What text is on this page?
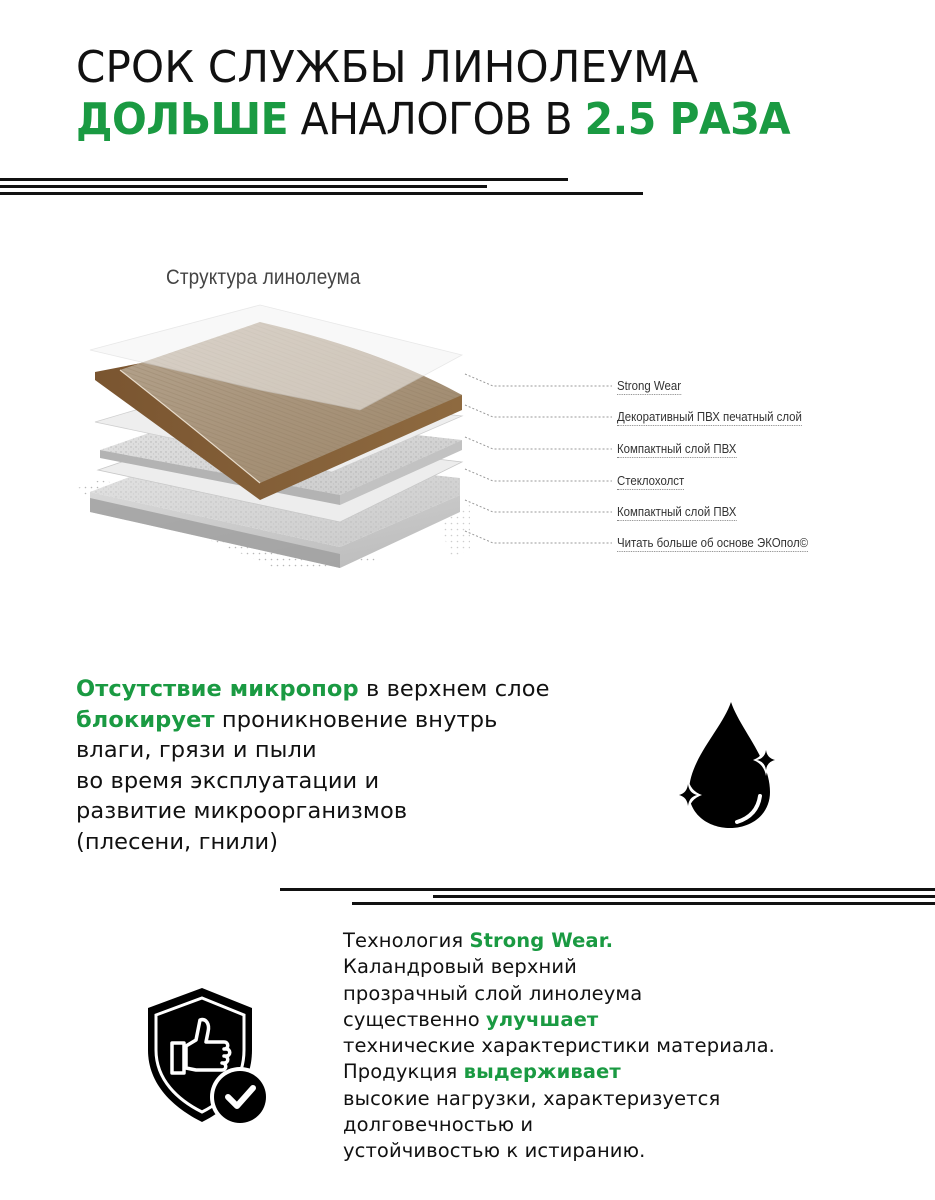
СРОК СЛУЖБЫ ЛИНОЛЕУМА
ДОЛЬШЕ АНАЛОГОВ В 2.5 РАЗА
Структура линолеума
Strong Wear
Декоративный ПВХ печатный слой
Компактный слой ПВХ
Стеклохолст
Компактный слой ПВХ
Читать больше об основе ЭКОпол©
Отсутствие микропор в верхнем слое
блокирует проникновение внутрь
влаги, грязи и пыли
во время эксплуатации и
развитие микроорганизмов
(плесени, гнили)
Технология Strong Wear.
Каландровый верхний
прозрачный слой линолеума
существенно улучшает
технические характеристики материала.
Продукция выдерживает
высокие нагрузки, характеризуется
долговечностью и
устойчивостью к истиранию.
